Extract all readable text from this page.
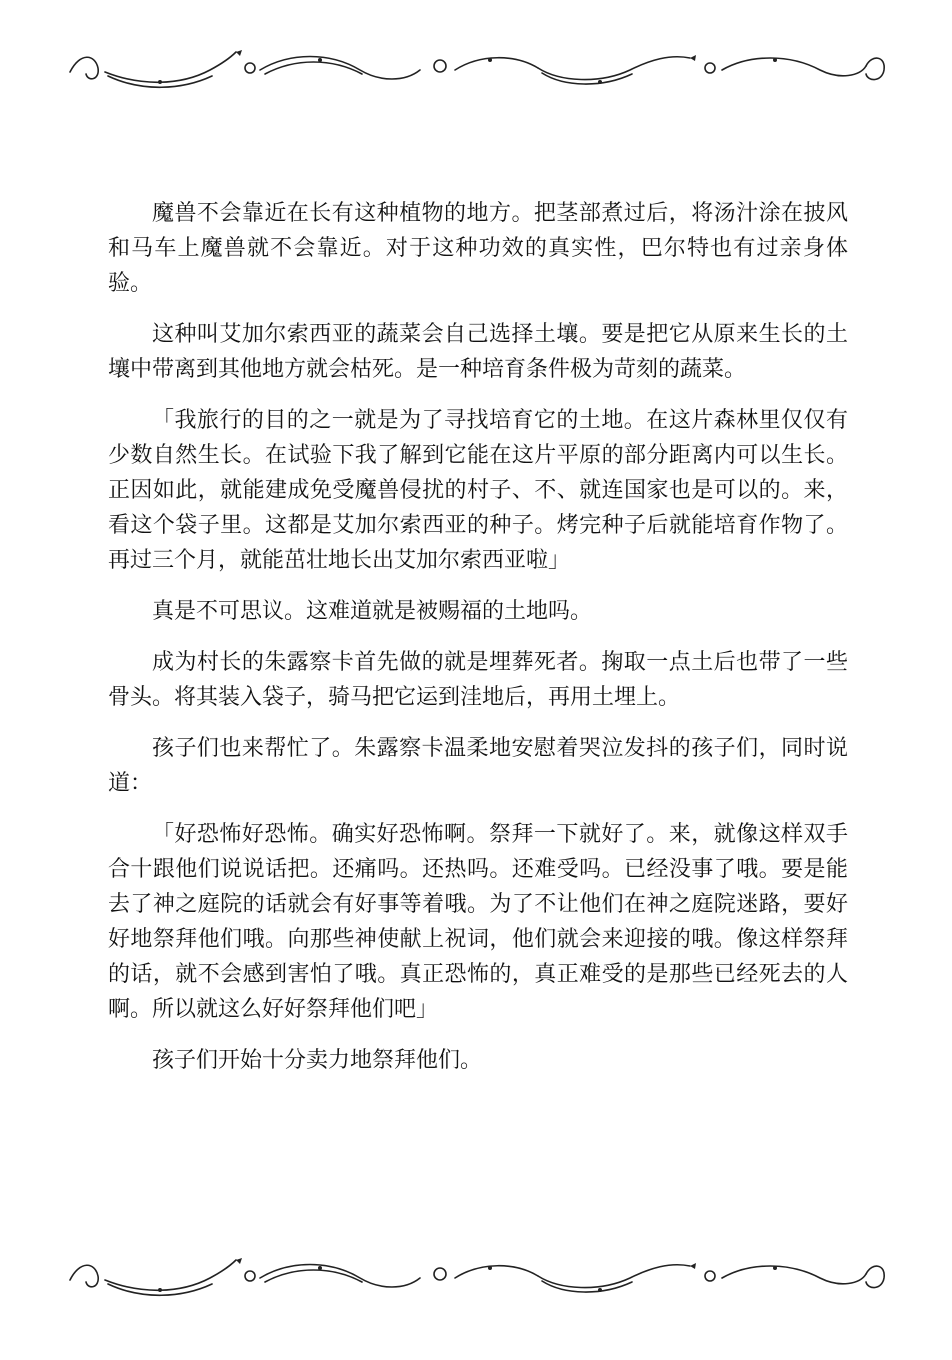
魔兽不会靠近在长有这种植物的地方。把茎部煮过后，将汤汁涂在披风和马车上魔兽就不会靠近。对于这种功效的真实性，巴尔特也有过亲身体验。

这种叫艾加尔索西亚的蔬菜会自己选择土壤。要是把它从原来生长的土壤中带离到其他地方就会枯死。是一种培育条件极为苛刻的蔬菜。

「我旅行的目的之一就是为了寻找培育它的土地。在这片森林里仅仅有少数自然生长。在试验下我了解到它能在这片平原的部分距离内可以生长。正因如此，就能建成免受魔兽侵扰的村子、不、就连国家也是可以的。来，看这个袋子里。这都是艾加尔索西亚的种子。烤完种子后就能培育作物了。再过三个月，就能茁壮地长出艾加尔索西亚啦」

真是不可思议。这难道就是被赐福的土地吗。

成为村长的朱露察卡首先做的就是埋葬死者。掬取一点土后也带了一些骨头。将其装入袋子，骑马把它运到洼地后，再用土埋上。

孩子们也来帮忙了。朱露察卡温柔地安慰着哭泣发抖的孩子们，同时说道：

「好恐怖好恐怖。确实好恐怖啊。祭拜一下就好了。来，就像这样双手合十跟他们说说话把。还痛吗。还热吗。还难受吗。已经没事了哦。要是能去了神之庭院的话就会有好事等着哦。为了不让他们在神之庭院迷路，要好好地祭拜他们哦。向那些神使献上祝词，他们就会来迎接的哦。像这样祭拜的话，就不会感到害怕了哦。真正恐怖的，真正难受的是那些已经死去的人啊。所以就这么好好祭拜他们吧」

孩子们开始十分卖力地祭拜他们。
